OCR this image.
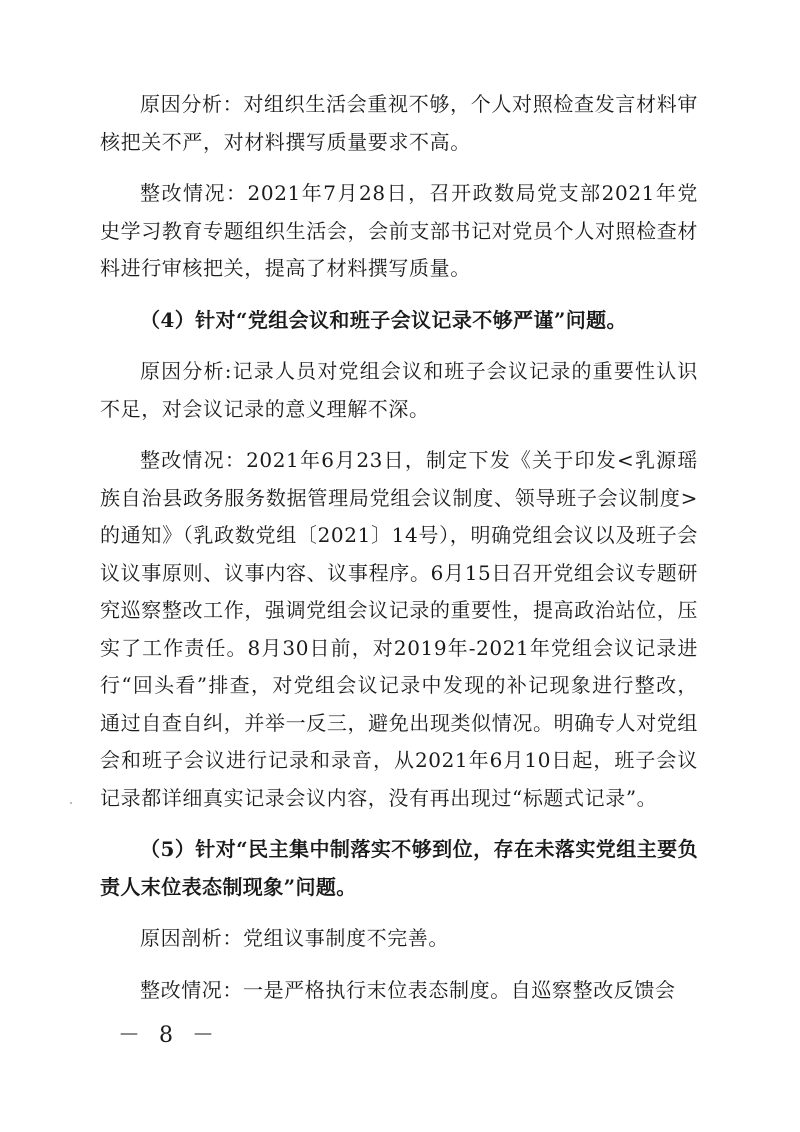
原因分析：对组织生活会重视不够，个人对照检查发言材料审核把关不严，对材料撰写质量要求不高。

整改情况：2021年7月28日，召开政数局党支部2021年党史学习教育专题组织生活会，会前支部书记对党员个人对照检查材料进行审核把关，提高了材料撰写质量。

（4）针对“党组会议和班子会议记录不够严谨”问题。

原因分析:记录人员对党组会议和班子会议记录的重要性认识不足，对会议记录的意义理解不深。

整改情况：2021年6月23日，制定下发《关于印发<乳源瑶族自治县政务服务数据管理局党组会议制度、领导班子会议制度>的通知》（乳政数党组〔2021〕14号），明确党组会议以及班子会议议事原则、议事内容、议事程序。6月15日召开党组会议专题研究巡察整改工作，强调党组会议记录的重要性，提高政治站位，压实了工作责任。8月30日前，对2019年-2021年党组会议记录进行“回头看”排查，对党组会议记录中发现的补记现象进行整改，通过自查自纠，并举一反三，避免出现类似情况。明确专人对党组会和班子会议进行记录和录音，从2021年6月10日起，班子会议记录都详细真实记录会议内容，没有再出现过“标题式记录”。

（5）针对“民主集中制落实不够到位，存在未落实党组主要负责人末位表态制现象”问题。

原因剖析：党组议事制度不完善。

整改情况：一是严格执行末位表态制度。自巡察整改反馈会

－ 8 －
